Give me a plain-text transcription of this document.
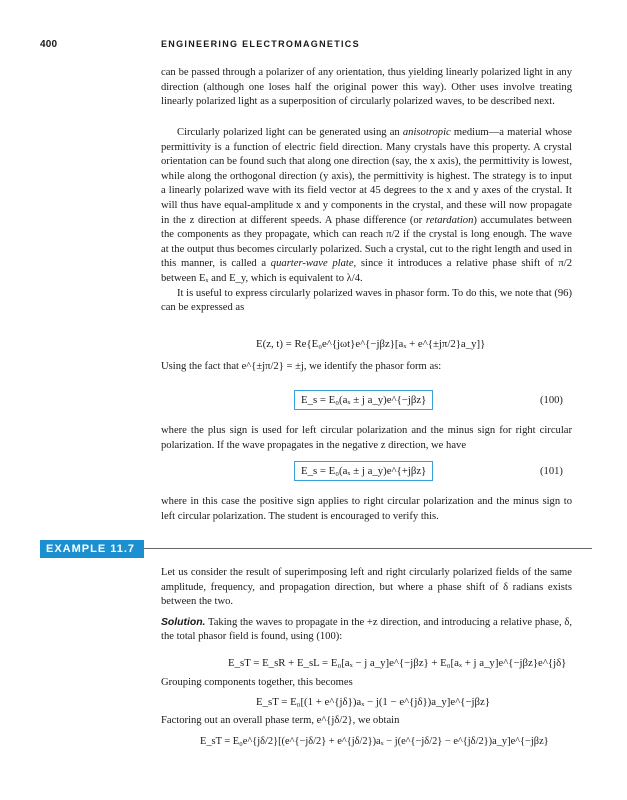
400	ENGINEERING ELECTROMAGNETICS

can be passed through a polarizer of any orientation, thus yielding linearly polarized light in any direction (although one loses half the original power this way). Other uses involve treating linearly polarized light as a superposition of circularly polarized waves, to be described next.

Circularly polarized light can be generated using an anisotropic medium—a material whose permittivity is a function of electric field direction. Many crystals have this property. A crystal orientation can be found such that along one direction (say, the x axis), the permittivity is lowest, while along the orthogonal direction (y axis), the permittivity is highest. The strategy is to input a linearly polarized wave with its field vector at 45 degrees to the x and y axes of the crystal. It will thus have equal-amplitude x and y components in the crystal, and these will now propagate in the z direction at different speeds. A phase difference (or retardation) accumulates between the components as they propagate, which can reach π/2 if the crystal is long enough. The wave at the output thus becomes circularly polarized. Such a crystal, cut to the right length and used in this manner, is called a quarter-wave plate, since it introduces a relative phase shift of π/2 between Eₓ and E_y, which is equivalent to λ/4.

It is useful to express circularly polarized waves in phasor form. To do this, we note that (96) can be expressed as

E(z, t) = Re{E₀e^{jωt}e^{−jβz}[aₓ + e^{±jπ/2}a_y]}

Using the fact that e^{±jπ/2} = ±j, we identify the phasor form as:

E_s = E₀(aₓ ± j a_y)e^{−jβz}	(100)

where the plus sign is used for left circular polarization and the minus sign for right circular polarization. If the wave propagates in the negative z direction, we have

E_s = E₀(aₓ ± j a_y)e^{+jβz}	(101)

where in this case the positive sign applies to right circular polarization and the minus sign to left circular polarization. The student is encouraged to verify this.

EXAMPLE 11.7

Let us consider the result of superimposing left and right circularly polarized fields of the same amplitude, frequency, and propagation direction, but where a phase shift of δ radians exists between the two.

Solution. Taking the waves to propagate in the +z direction, and introducing a relative phase, δ, the total phasor field is found, using (100):

E_sT = E_sR + E_sL = E₀[aₓ − j a_y]e^{−jβz} + E₀[aₓ + j a_y]e^{−jβz}e^{jδ}

Grouping components together, this becomes

E_sT = E₀[(1 + e^{jδ})aₓ − j(1 − e^{jδ})a_y]e^{−jβz}

Factoring out an overall phase term, e^{jδ/2}, we obtain

E_sT = E₀e^{jδ/2}[(e^{−jδ/2} + e^{jδ/2})aₓ − j(e^{−jδ/2} − e^{jδ/2})a_y]e^{−jβz}
